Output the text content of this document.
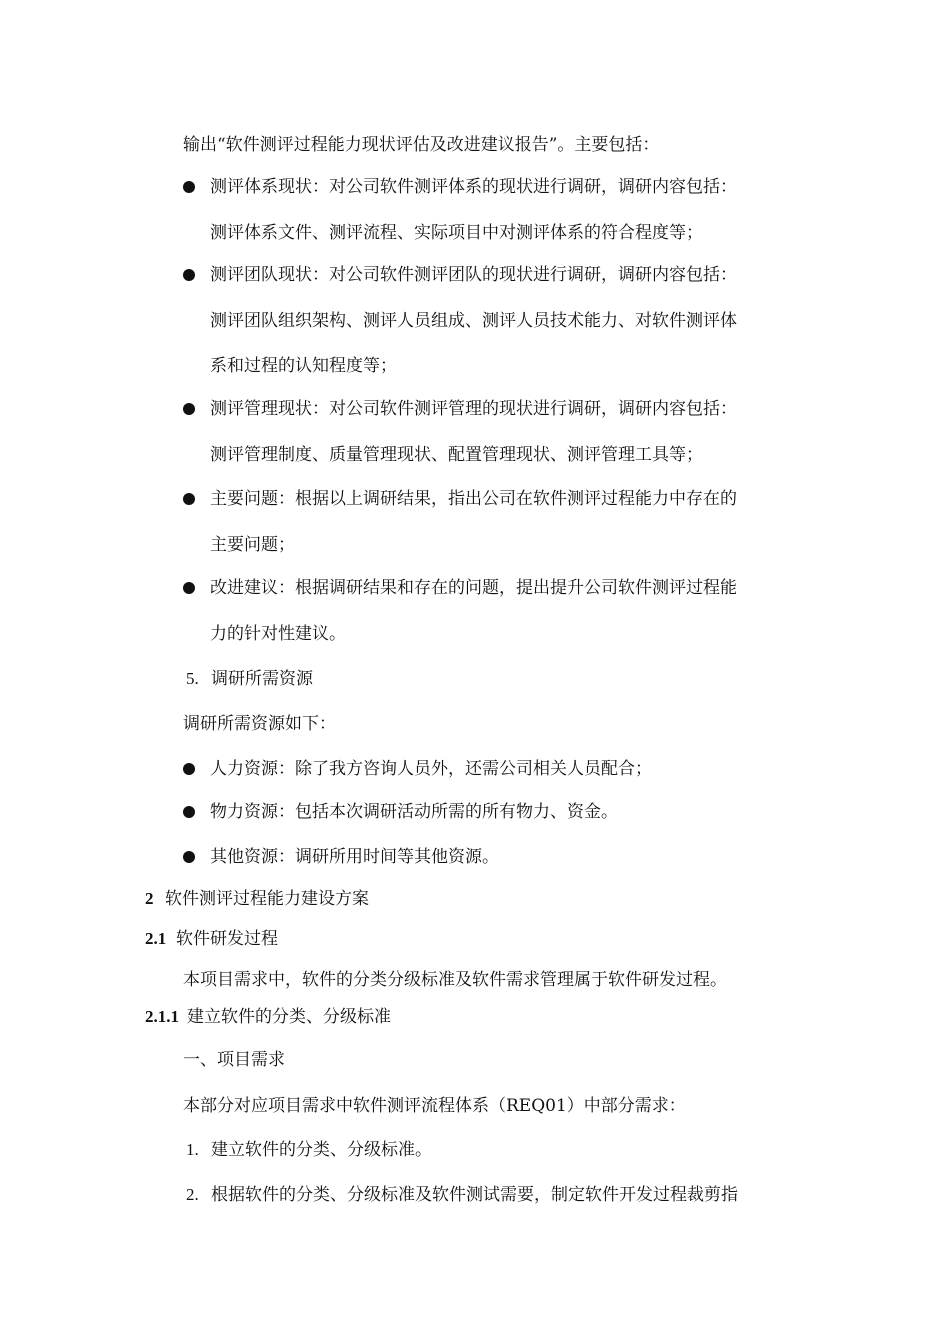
输出“软件测评过程能力现状评估及改进建议报告”。主要包括：
测评体系现状：对公司软件测评体系的现状进行调研，调研内容包括：
测评体系文件、测评流程、实际项目中对测评体系的符合程度等；
测评团队现状：对公司软件测评团队的现状进行调研，调研内容包括：
测评团队组织架构、测评人员组成、测评人员技术能力、对软件测评体
系和过程的认知程度等；
测评管理现状：对公司软件测评管理的现状进行调研，调研内容包括：
测评管理制度、质量管理现状、配置管理现状、测评管理工具等；
主要问题：根据以上调研结果，指出公司在软件测评过程能力中存在的
主要问题；
改进建议：根据调研结果和存在的问题，提出提升公司软件测评过程能
力的针对性建议。
5. 调研所需资源
调研所需资源如下：
人力资源：除了我方咨询人员外，还需公司相关人员配合；
物力资源：包括本次调研活动所需的所有物力、资金。
其他资源：调研所用时间等其他资源。
2 软件测评过程能力建设方案
2.1 软件研发过程
本项目需求中，软件的分类分级标准及软件需求管理属于软件研发过程。
2.1.1 建立软件的分类、分级标准
一、项目需求
本部分对应项目需求中软件测评流程体系（REQ01）中部分需求：
1. 建立软件的分类、分级标准。
2. 根据软件的分类、分级标准及软件测试需要，制定软件开发过程裁剪指
